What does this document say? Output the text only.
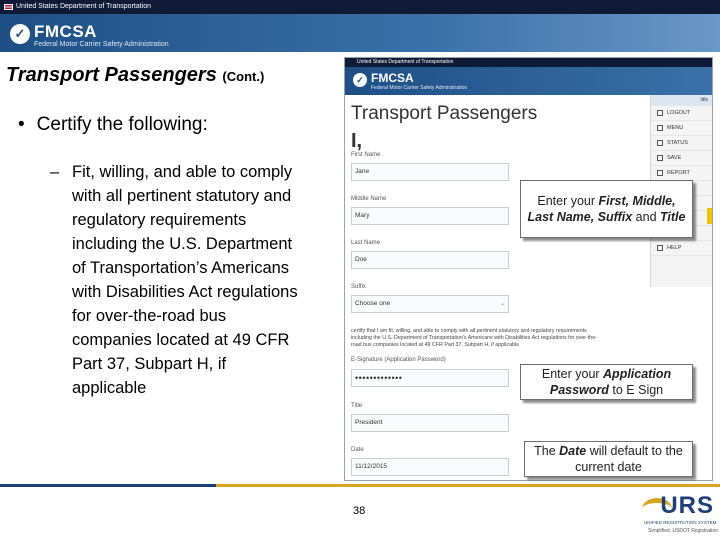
United States Department of Transportation
✓ FMCSA
Federal Motor Carrier Safety Administration
Transport Passengers (Cont.)
• Certify the following:
– Fit, willing, and able to comply with all pertinent statutory and regulatory requirements including the U.S. Department of Transportation’s Americans with Disabilities Act regulations for over-the-road bus companies located at 49 CFR Part 37, Subpart H, if applicable
United States Department of Transportation
✓ FMCSA
Federal Motor Carrier Safety Administration
Transport Passengers
I,
First Name
Jane
Middle Name
Mary
Last Name
Doe
Suffix
Choose one	⌄
certify that I am fit, willing, and able to comply with all pertinent statutory and regulatory requirements including the U.S. Department of Transportation's Americans with Disabilities Act regulations for over-the-road bus companies located at 49 CFR Part 37, Subpart H, if applicable.
E-Signature (Application Password)
•••••••••••••
Title
President
Date
11/12/2015
ldls
LOGOUT
MENU
STATUS
SAVE
REPORT
HELP
Enter your First, Middle, Last Name, Suffix and Title
Enter your Application Password to E Sign
The Date will default to the current date
38	URS
UNIFIED REGISTRATION SYSTEM
Simplified. USDOT Registration
